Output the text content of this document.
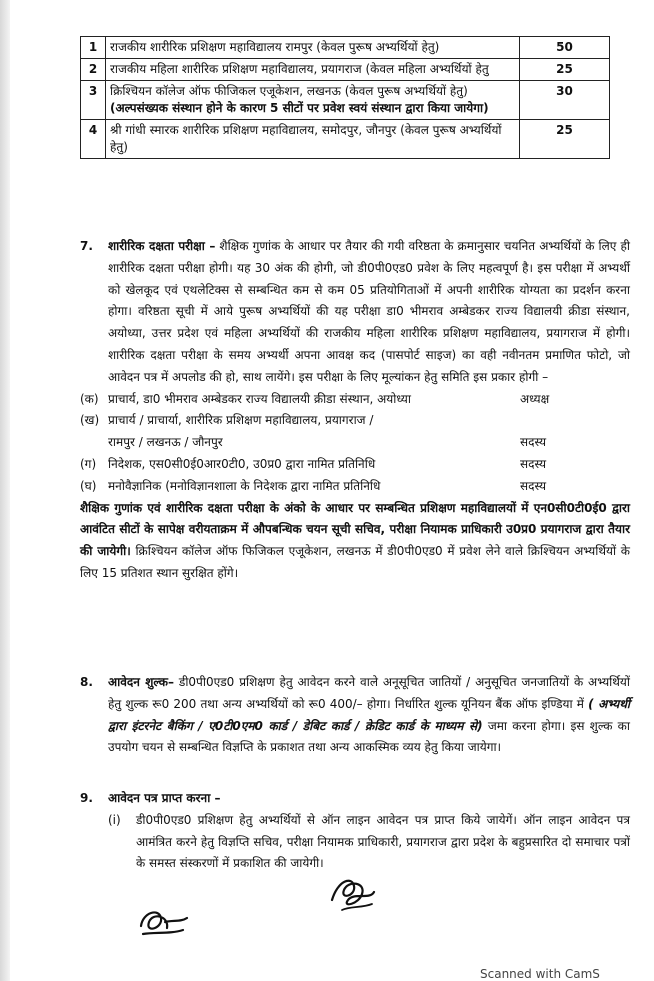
1	राजकीय शारीरिक प्रशिक्षण महाविद्यालय रामपुर (केवल पुरूष अभ्यर्थियों हेतु)	50
2	राजकीय महिला शारीरिक प्रशिक्षण महाविद्यालय, प्रयागराज (केवल महिला अभ्यर्थियों हेतु	25
3	क्रिश्चियन कॉलेज ऑफ फीजिकल एजूकेशन, लखनऊ (केवल पुरूष अभ्यर्थियों हेतु) (अल्पसंख्यक संस्थान होने के कारण 5 सीटों पर प्रवेश स्वयं संस्थान द्वारा किया जायेगा)	30
4	श्री गांधी स्मारक शारीरिक प्रशिक्षण महाविद्यालय, समोदपुर, जौनपुर (केवल पुरूष अभ्यर्थियों हेतु)	25
7. शारीरिक दक्षता परीक्षा – शैक्षिक गुणांक के आधार पर तैयार की गयी वरिष्ठता के क्रमानुसार चयनित अभ्यर्थियों के लिए ही शारीरिक दक्षता परीक्षा होगी। यह 30 अंक की होगी, जो डी0पी0एड0 प्रवेश के लिए महत्वपूर्ण है। इस परीक्षा में अभ्यर्थी को खेलकूद एवं एथलेटिक्स से सम्बन्धित कम से कम 05 प्रतियोगिताओं में अपनी शारीरिक योग्यता का प्रदर्शन करना होगा। वरिष्ठता सूची में आये पुरूष अभ्यर्थियों की यह परीक्षा डा0 भीमराव अम्बेडकर राज्य विद्यालयी क्रीडा संस्थान, अयोध्या, उत्तर प्रदेश एवं महिला अभ्यर्थियों की राजकीय महिला शारीरिक प्रशिक्षण महाविद्यालय, प्रयागराज में होगी। शारीरिक दक्षता परीक्षा के समय अभ्यर्थी अपना आवक्ष कद (पासपोर्ट साइज) का वही नवीनतम प्रमाणित फोटो, जो आवेदन पत्र में अपलोड की हो, साथ लायेंगे। इस परीक्षा के लिए मूल्यांकन हेतु समिति इस प्रकार होगी –
(क) प्राचार्य, डा0 भीमराव अम्बेडकर राज्य विद्यालयी क्रीडा संस्थान, अयोध्या	अध्यक्ष
(ख) प्राचार्य / प्राचार्या, शारीरिक प्रशिक्षण महाविद्यालय, प्रयागराज /
रामपुर / लखनऊ / जौनपुर	सदस्य
(ग) निदेशक, एस0सी0ई0आर0टी0, उ0प्र0 द्वारा नामित प्रतिनिधि	सदस्य
(घ) मनोवैज्ञानिक (मनोविज्ञानशाला के निदेशक द्वारा नामित प्रतिनिधि	सदस्य
शैक्षिक गुणांक एवं शारीरिक दक्षता परीक्षा के अंको के आधार पर सम्बन्धित प्रशिक्षण महाविद्यालयों में एन0सी0टी0ई0 द्वारा आवंटित सीटों के सापेक्ष वरीयताक्रम में औपबन्धिक चयन सूची सचिव, परीक्षा नियामक प्राधिकारी उ0प्र0 प्रयागराज द्वारा तैयार की जायेगी। क्रिश्चियन कॉलेज ऑफ फिजिकल एजूकेशन, लखनऊ में डी0पी0एड0 में प्रवेश लेने वाले क्रिश्चियन अभ्यर्थियों के लिए 15 प्रतिशत स्थान सुरक्षित होंगे।
8. आवेदन शुल्क– डी0पी0एड0 प्रशिक्षण हेतु आवेदन करने वाले अनूसूचित जातियों / अनुसूचित जनजातियों के अभ्यर्थियों हेतु शुल्क रू0 200 तथा अन्य अभ्यर्थियों को रू0 400/– होगा। निर्धारित शुल्क यूनियन बैंक ऑफ इण्डिया में ( अभ्यर्थी द्वारा इंटरनेट बैकिंग / ए0टी0एम0 कार्ड / डेबिट कार्ड / क्रेडिट कार्ड के माध्यम से) जमा करना होगा। इस शुल्क का उपयोग चयन से सम्बन्धित विज्ञप्ति के प्रकाशत तथा अन्य आकस्मिक व्यय हेतु किया जायेगा।
9. आवेदन पत्र प्राप्त करना –
(i)	डी0पी0एड0 प्रशिक्षण हेतु अभ्यर्थियों से ऑन लाइन आवेदन पत्र प्राप्त किये जायेगें। ऑन लाइन आवेदन पत्र आमंत्रित करने हेतु विज्ञप्ति सचिव, परीक्षा नियामक प्राधिकारी, प्रयागराज द्वारा प्रदेश के बहुप्रसारित दो समाचार पत्रों के समस्त संस्करणों में प्रकाशित की जायेगी।
Scanned with CamS
